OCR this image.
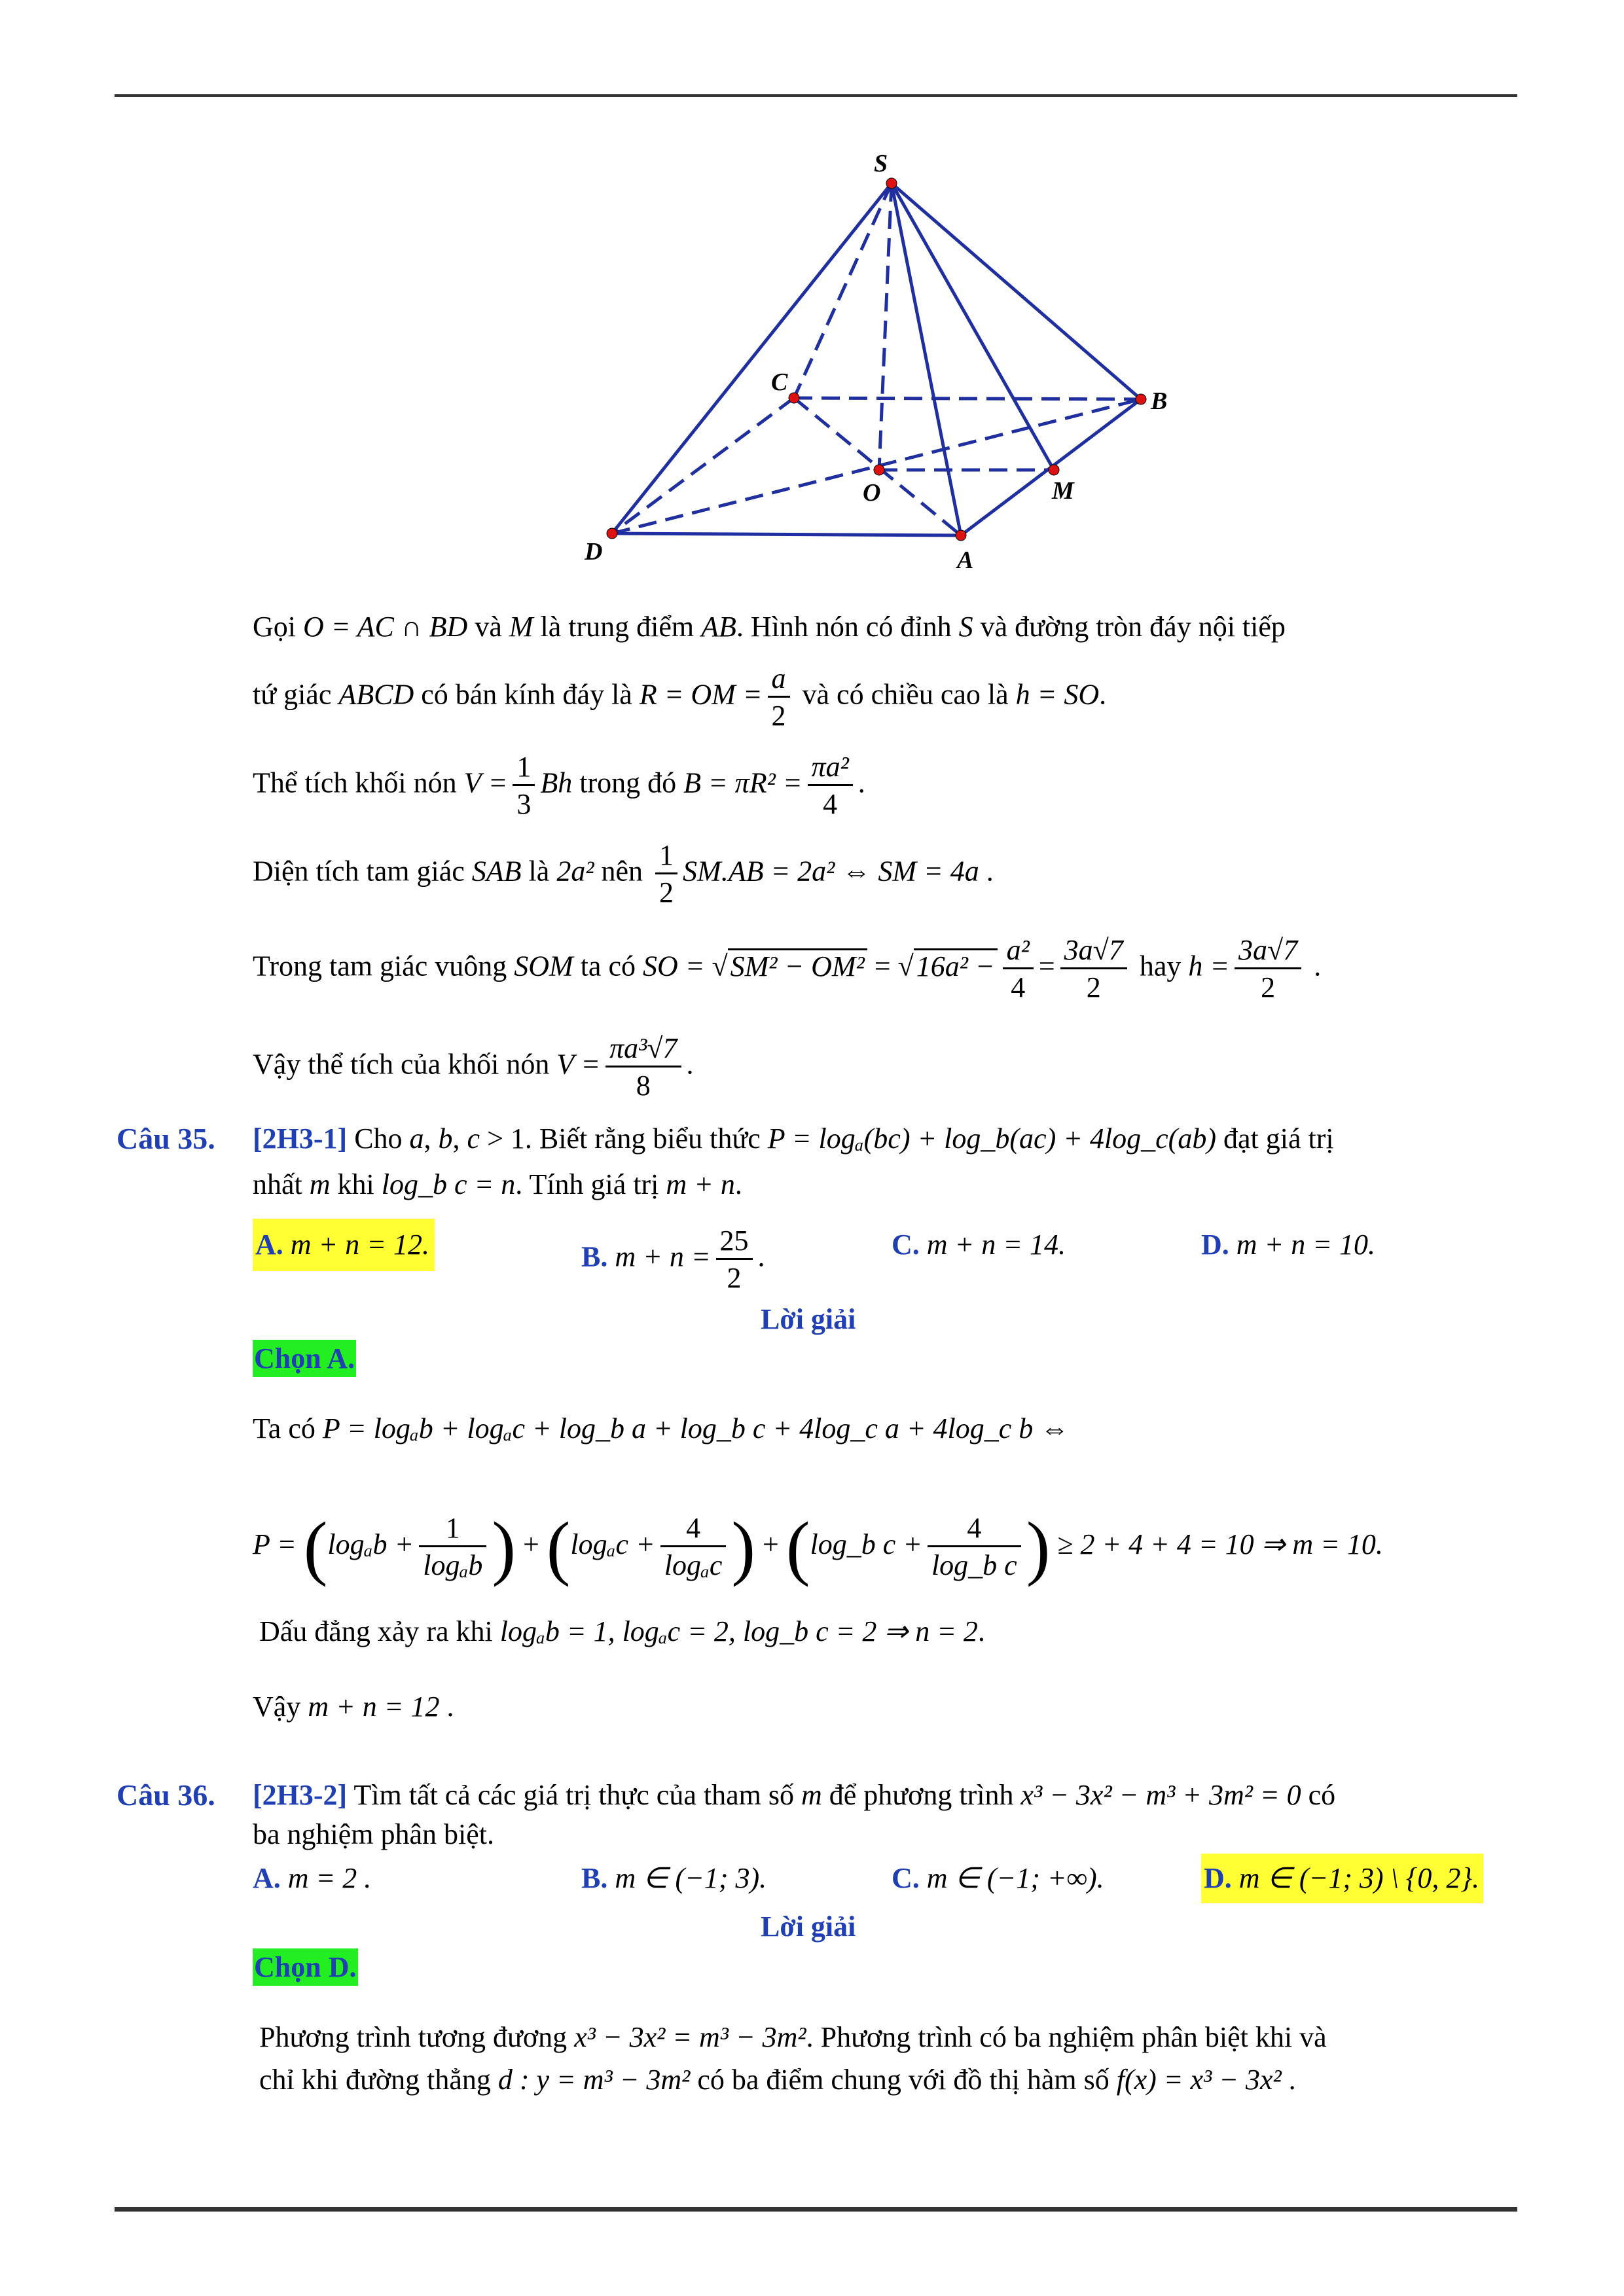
S
C
B
O	M
D	A
Gọi O = AC ∩ BD và M là trung điểm AB. Hình nón có đỉnh S và đường tròn đáy nội tiếp
tứ giác ABCD có bán kính đáy là R = OM = $\frac{a}{2}$ và có chiều cao là h = SO.
Thể tích khối nón $V = \frac{1}{3}$ Bh trong đó $B = \pi R^2 = \frac{\text{πa²}}{4}$ .
Diện tích tam giác SAB là 2a² nên $\frac{1}{2} SM.AB = 2a^2$ ⇔ SM = 4a .
Trong tam giác vuông SOM ta có SO = $√SM^2 - OM^2 = √16a^2 - \frac{\text{a²}}{4} = \frac{3a√7}{2}$ hay $h = \frac{3a√7}{2}$ .
Vậy thể tích của khối nón $V = \frac{\text{πa³√7}}{8}$ .
Câu 35. [2H3-1] Cho a, b, c > 1. Biết rằng biểu thức P = logₐ(bc) + log_b(ac) + 4log_c(ab) đạt giá trị
nhất m khi log_b c = n. Tính giá trị m + n.
A. m + n = 12.	B. $m + n = \frac{25}{2}$ .	C. m + n = 14.	D. m + n = 10.
Lời giải
Chọn A.
Ta có P = logₐb + logₐc + log_b a + log_b c + 4log_c a + 4log_c b ⇔
$P = (\log_ab + \frac{1}{\text{logₐb}}$ ) + ($\log_ac + \frac{4}{\text{logₐc}}$ ) + (log_b $c + \frac{4}{\text{log\_b c}}$ ) ≥ 2 + 4 + 4 = 10 ⇒ m = 10.
Dấu đẳng xảy ra khi logₐb = 1, logₐc = 2, log_b c = 2 ⇒ n = 2.
Vậy m + n = 12 .
Câu 36. [2H3-2] Tìm tất cả các giá trị thực của tham số m để phương trình x³ − 3x² − m³ + 3m² = 0 có
ba nghiệm phân biệt.
A. m = 2 .	B. m ∈ (−1; 3).	C. m ∈ (−1; +∞).	D. m ∈ (−1; 3) \ {0, 2}.
Lời giải
Chọn D.
Phương trình tương đương x³ − 3x² = m³ − 3m². Phương trình có ba nghiệm phân biệt khi và
chỉ khi đường thẳng d : y = m³ − 3m² có ba điểm chung với đồ thị hàm số f(x) = x³ − 3x² .
